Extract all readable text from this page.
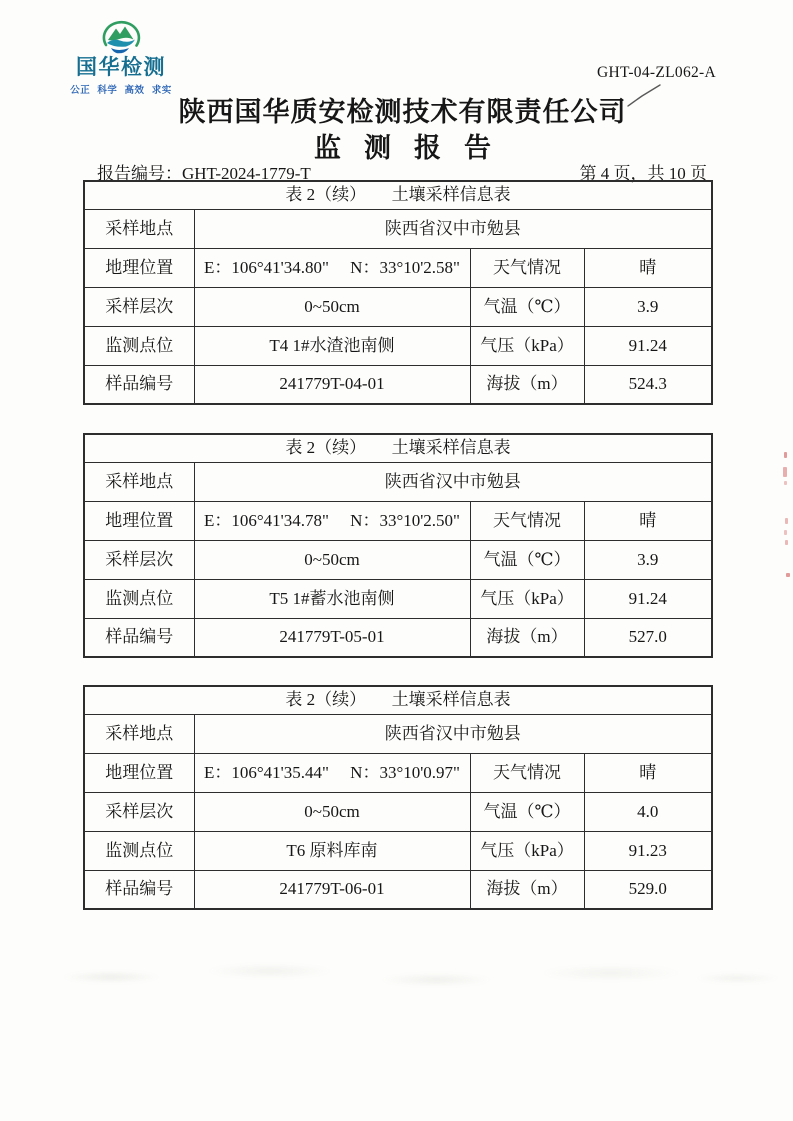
国华检测
公正 科学 高效 求实
GHT-04-ZL062-A
陕西国华质安检测技术有限责任公司
监测报告
报告编号：GHT-2024-1779-T	第 4 页，共 10 页
表 2（续）　　土壤采样信息表			
采样地点	陕西省汉中市勉县		
地理位置	E：106°41'34.80"　 N：33°10'2.58"	天气情况	晴
采样层次	0~50cm	气温（℃）	3.9
监测点位	T4 1#水渣池南侧	气压（kPa）	91.24
样品编号	241779T-04-01	海拔（m）	524.3
表 2（续）　　土壤采样信息表			
采样地点	陕西省汉中市勉县		
地理位置	E：106°41'34.78"　 N：33°10'2.50"	天气情况	晴
采样层次	0~50cm	气温（℃）	3.9
监测点位	T5 1#蓄水池南侧	气压（kPa）	91.24
样品编号	241779T-05-01	海拔（m）	527.0
表 2（续）　　土壤采样信息表			
采样地点	陕西省汉中市勉县		
地理位置	E：106°41'35.44"　 N：33°10'0.97"	天气情况	晴
采样层次	0~50cm	气温（℃）	4.0
监测点位	T6 原料库南	气压（kPa）	91.23
样品编号	241779T-06-01	海拔（m）	529.0
